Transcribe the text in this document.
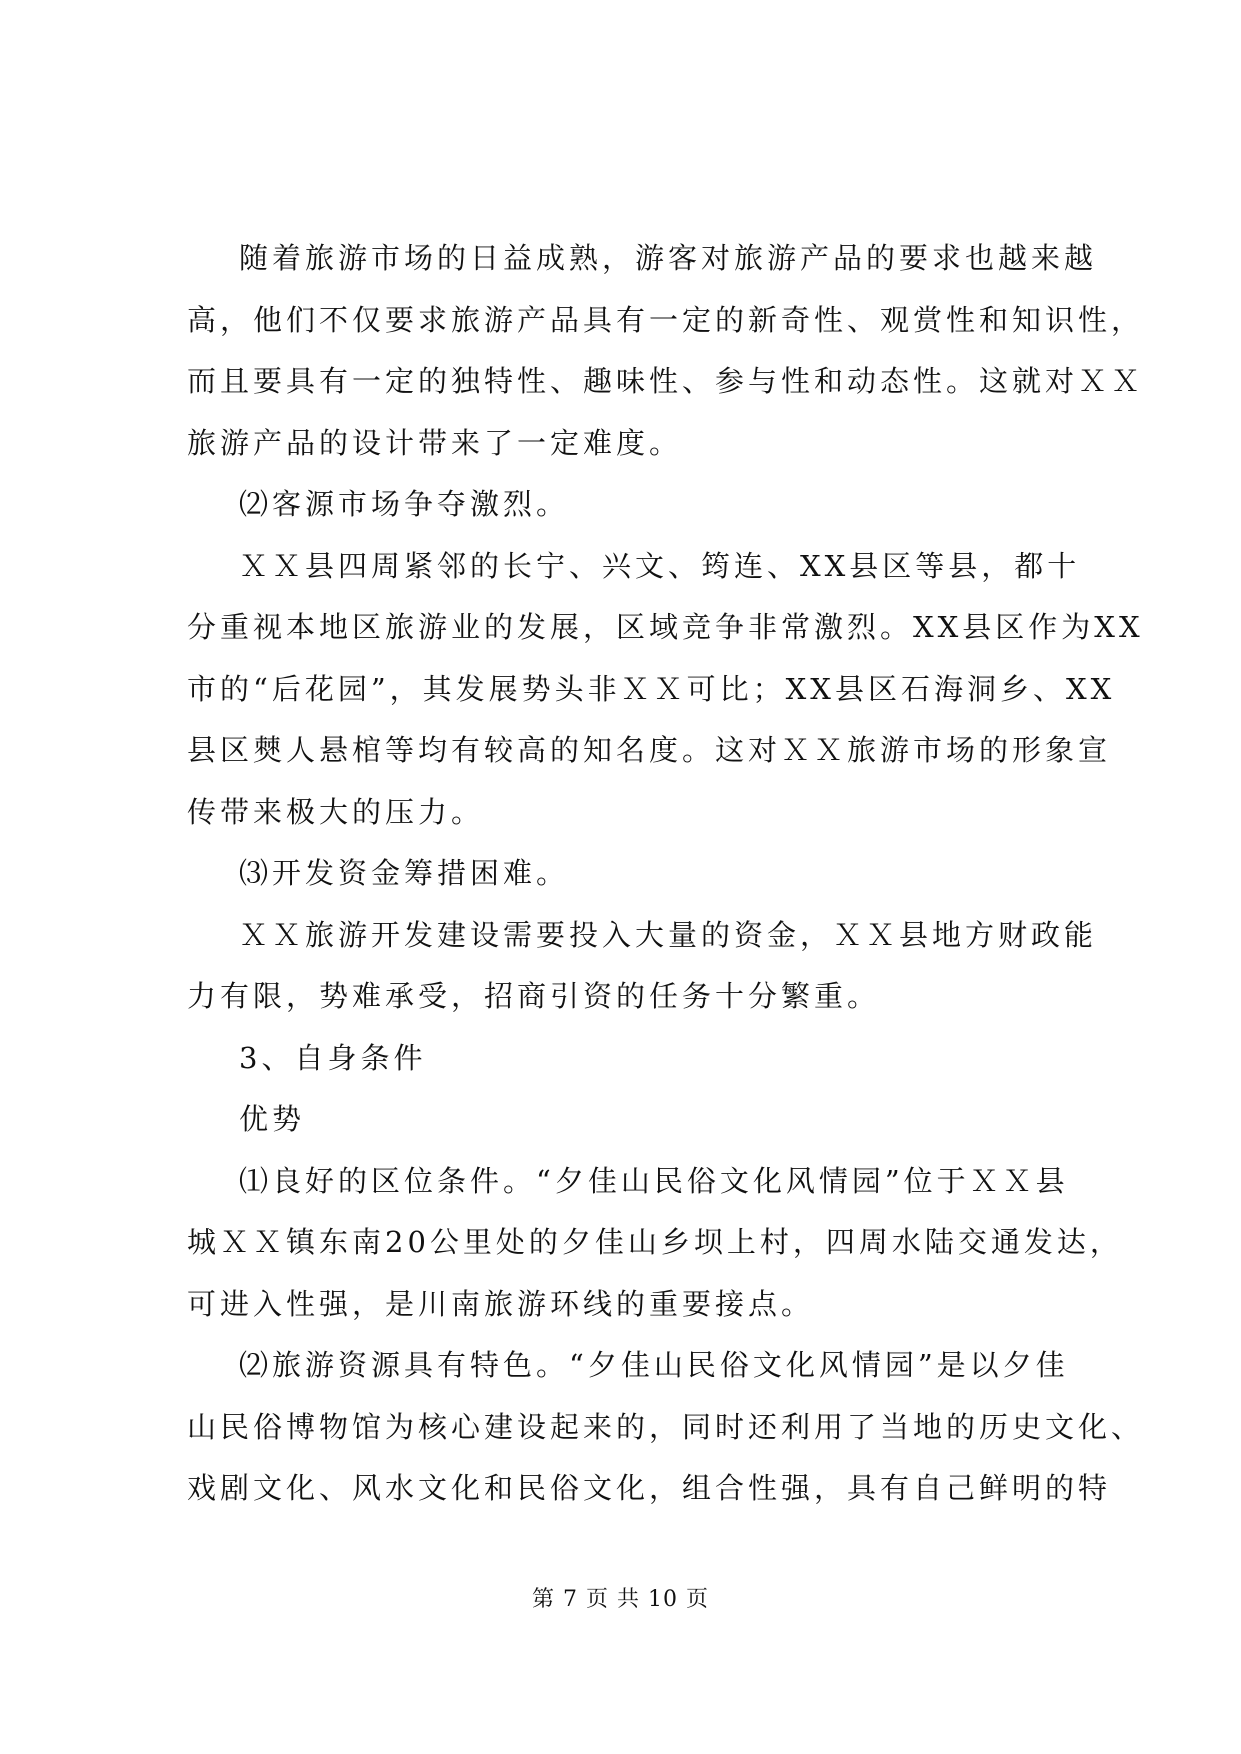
随着旅游市场的日益成熟，游客对旅游产品的要求也越来越
高，他们不仅要求旅游产品具有一定的新奇性、观赏性和知识性，
而且要具有一定的独特性、趣味性、参与性和动态性。这就对ＸＸ
旅游产品的设计带来了一定难度。
⑵客源市场争夺激烈。
ＸＸ县四周紧邻的长宁、兴文、筠连、XX县区等县，都十
分重视本地区旅游业的发展，区域竞争非常激烈。XX县区作为XX
市的“后花园”，其发展势头非ＸＸ可比；XX县区石海洞乡、XX
县区僰人悬棺等均有较高的知名度。这对ＸＸ旅游市场的形象宣
传带来极大的压力。
⑶开发资金筹措困难。
ＸＸ旅游开发建设需要投入大量的资金，ＸＸ县地方财政能
力有限，势难承受，招商引资的任务十分繁重。
3、自身条件
优势
⑴良好的区位条件。“夕佳山民俗文化风情园”位于ＸＸ县
城ＸＸ镇东南20公里处的夕佳山乡坝上村，四周水陆交通发达，
可进入性强，是川南旅游环线的重要接点。
⑵旅游资源具有特色。“夕佳山民俗文化风情园”是以夕佳
山民俗博物馆为核心建设起来的，同时还利用了当地的历史文化、
戏剧文化、风水文化和民俗文化，组合性强，具有自己鲜明的特
第 7 页 共 10 页
